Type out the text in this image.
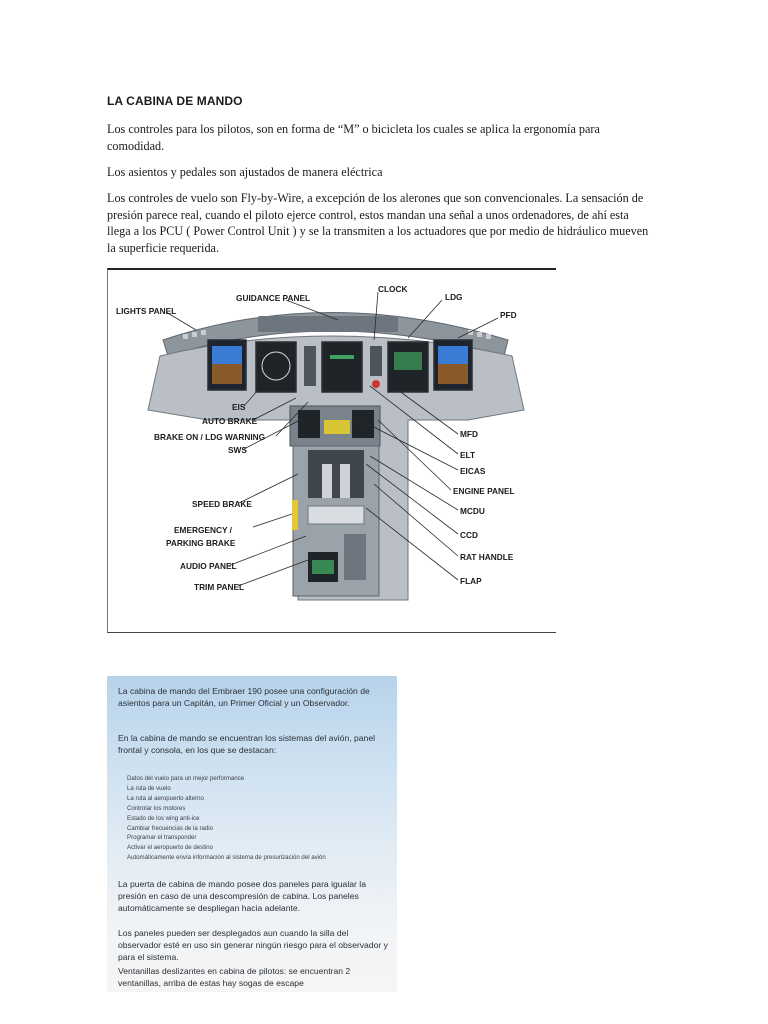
LA CABINA DE MANDO

Los controles para los pilotos, son en forma de “M” o bicicleta los cuales se aplica la ergonomía para comodidad.

Los asientos y pedales son ajustados de manera eléctrica

Los controles de vuelo son Fly-by-Wire, a excepción de los alerones que son convencionales. La sensación de presión parece real, cuando el piloto ejerce control, estos mandan una señal a unos ordenadores, de ahí esta llega a los PCU ( Power Control Unit ) y se la transmiten a los actuadores que por medio de hidráulico mueven la superficie requerida.

LIGHTS PANEL
GUIDANCE PANEL
CLOCK
LDG
PFD
EIS
AUTO BRAKE
BRAKE ON / LDG WARNING
SWS
SPEED BRAKE
EMERGENCY /
PARKING BRAKE
AUDIO PANEL
TRIM PANEL
MFD
ELT
EICAS
ENGINE PANEL
MCDU
CCD
RAT HANDLE
FLAP

La cabina de mando del Embraer 190 posee una configuración de asientos para un Capitán, un Primer Oficial y un Observador.

En la cabina de mando se encuentran los sistemas del avión, panel frontal y consola, en los que se destacan:

Datos del vuelo para un mejor performance
La ruta de vuelo
La ruta al aeropuerto alterno
Controlar los motores
Estado de los wing anti-ice
Cambiar frecuencias de la radio
Programar el transponder
Activar el aeropuerto de destino
Automáticamente envía información al sistema de presurización del avión

La puerta de cabina de mando posee dos paneles para igualar la presión en caso de una descompresión de cabina. Los paneles automáticamente se despliegan hacia adelante.

Los paneles pueden ser desplegados aun cuando la silla del observador esté en uso sin generar ningún riesgo para el observador y para el sistema.

Ventanillas deslizantes en cabina de pilotos: se encuentran 2 ventanillas, arriba de estas hay sogas de escape
